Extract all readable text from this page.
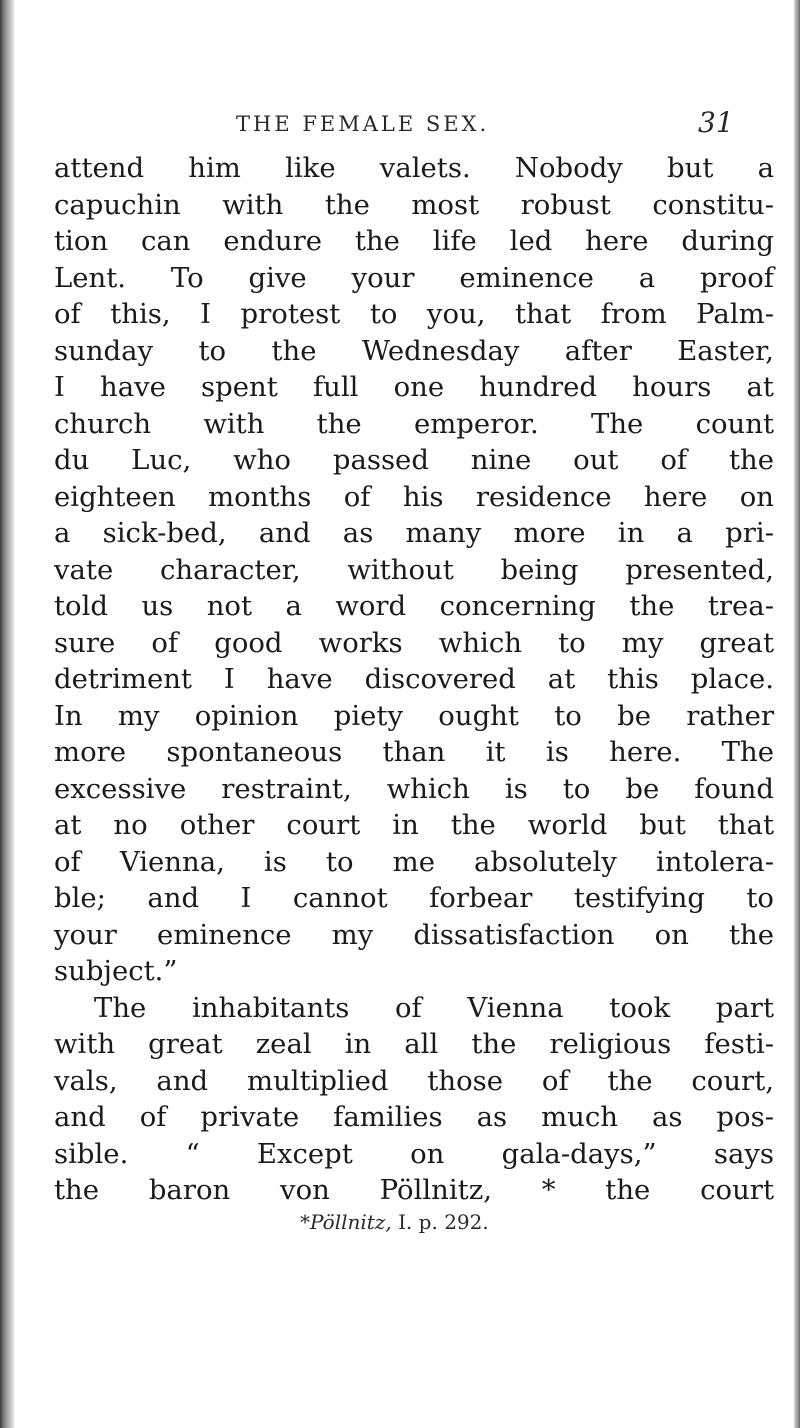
THE FEMALE SEX.	31
attend him like valets. Nobody but a
capuchin with the most robust constitu-
tion can endure the life led here during
Lent. To give your eminence a proof
of this, I protest to you, that from Palm-
sunday to the Wednesday after Easter,
I have spent full one hundred hours at
church with the emperor. The count
du Luc, who passed nine out of the
eighteen months of his residence here on
a sick-bed, and as many more in a pri-
vate character, without being presented,
told us not a word concerning the trea-
sure of good works which to my great
detriment I have discovered at this place.
In my opinion piety ought to be rather
more spontaneous than it is here. The
excessive restraint, which is to be found
at no other court in the world but that
of Vienna, is to me absolutely intolera-
ble; and I cannot forbear testifying to
your eminence my dissatisfaction on the
subject.”
The inhabitants of Vienna took part
with great zeal in all the religious festi-
vals, and multiplied those of the court,
and of private families as much as pos-
sible. “ Except on gala-days,” says
the baron von Pöllnitz, * the court
*Pöllnitz, I. p. 292.
